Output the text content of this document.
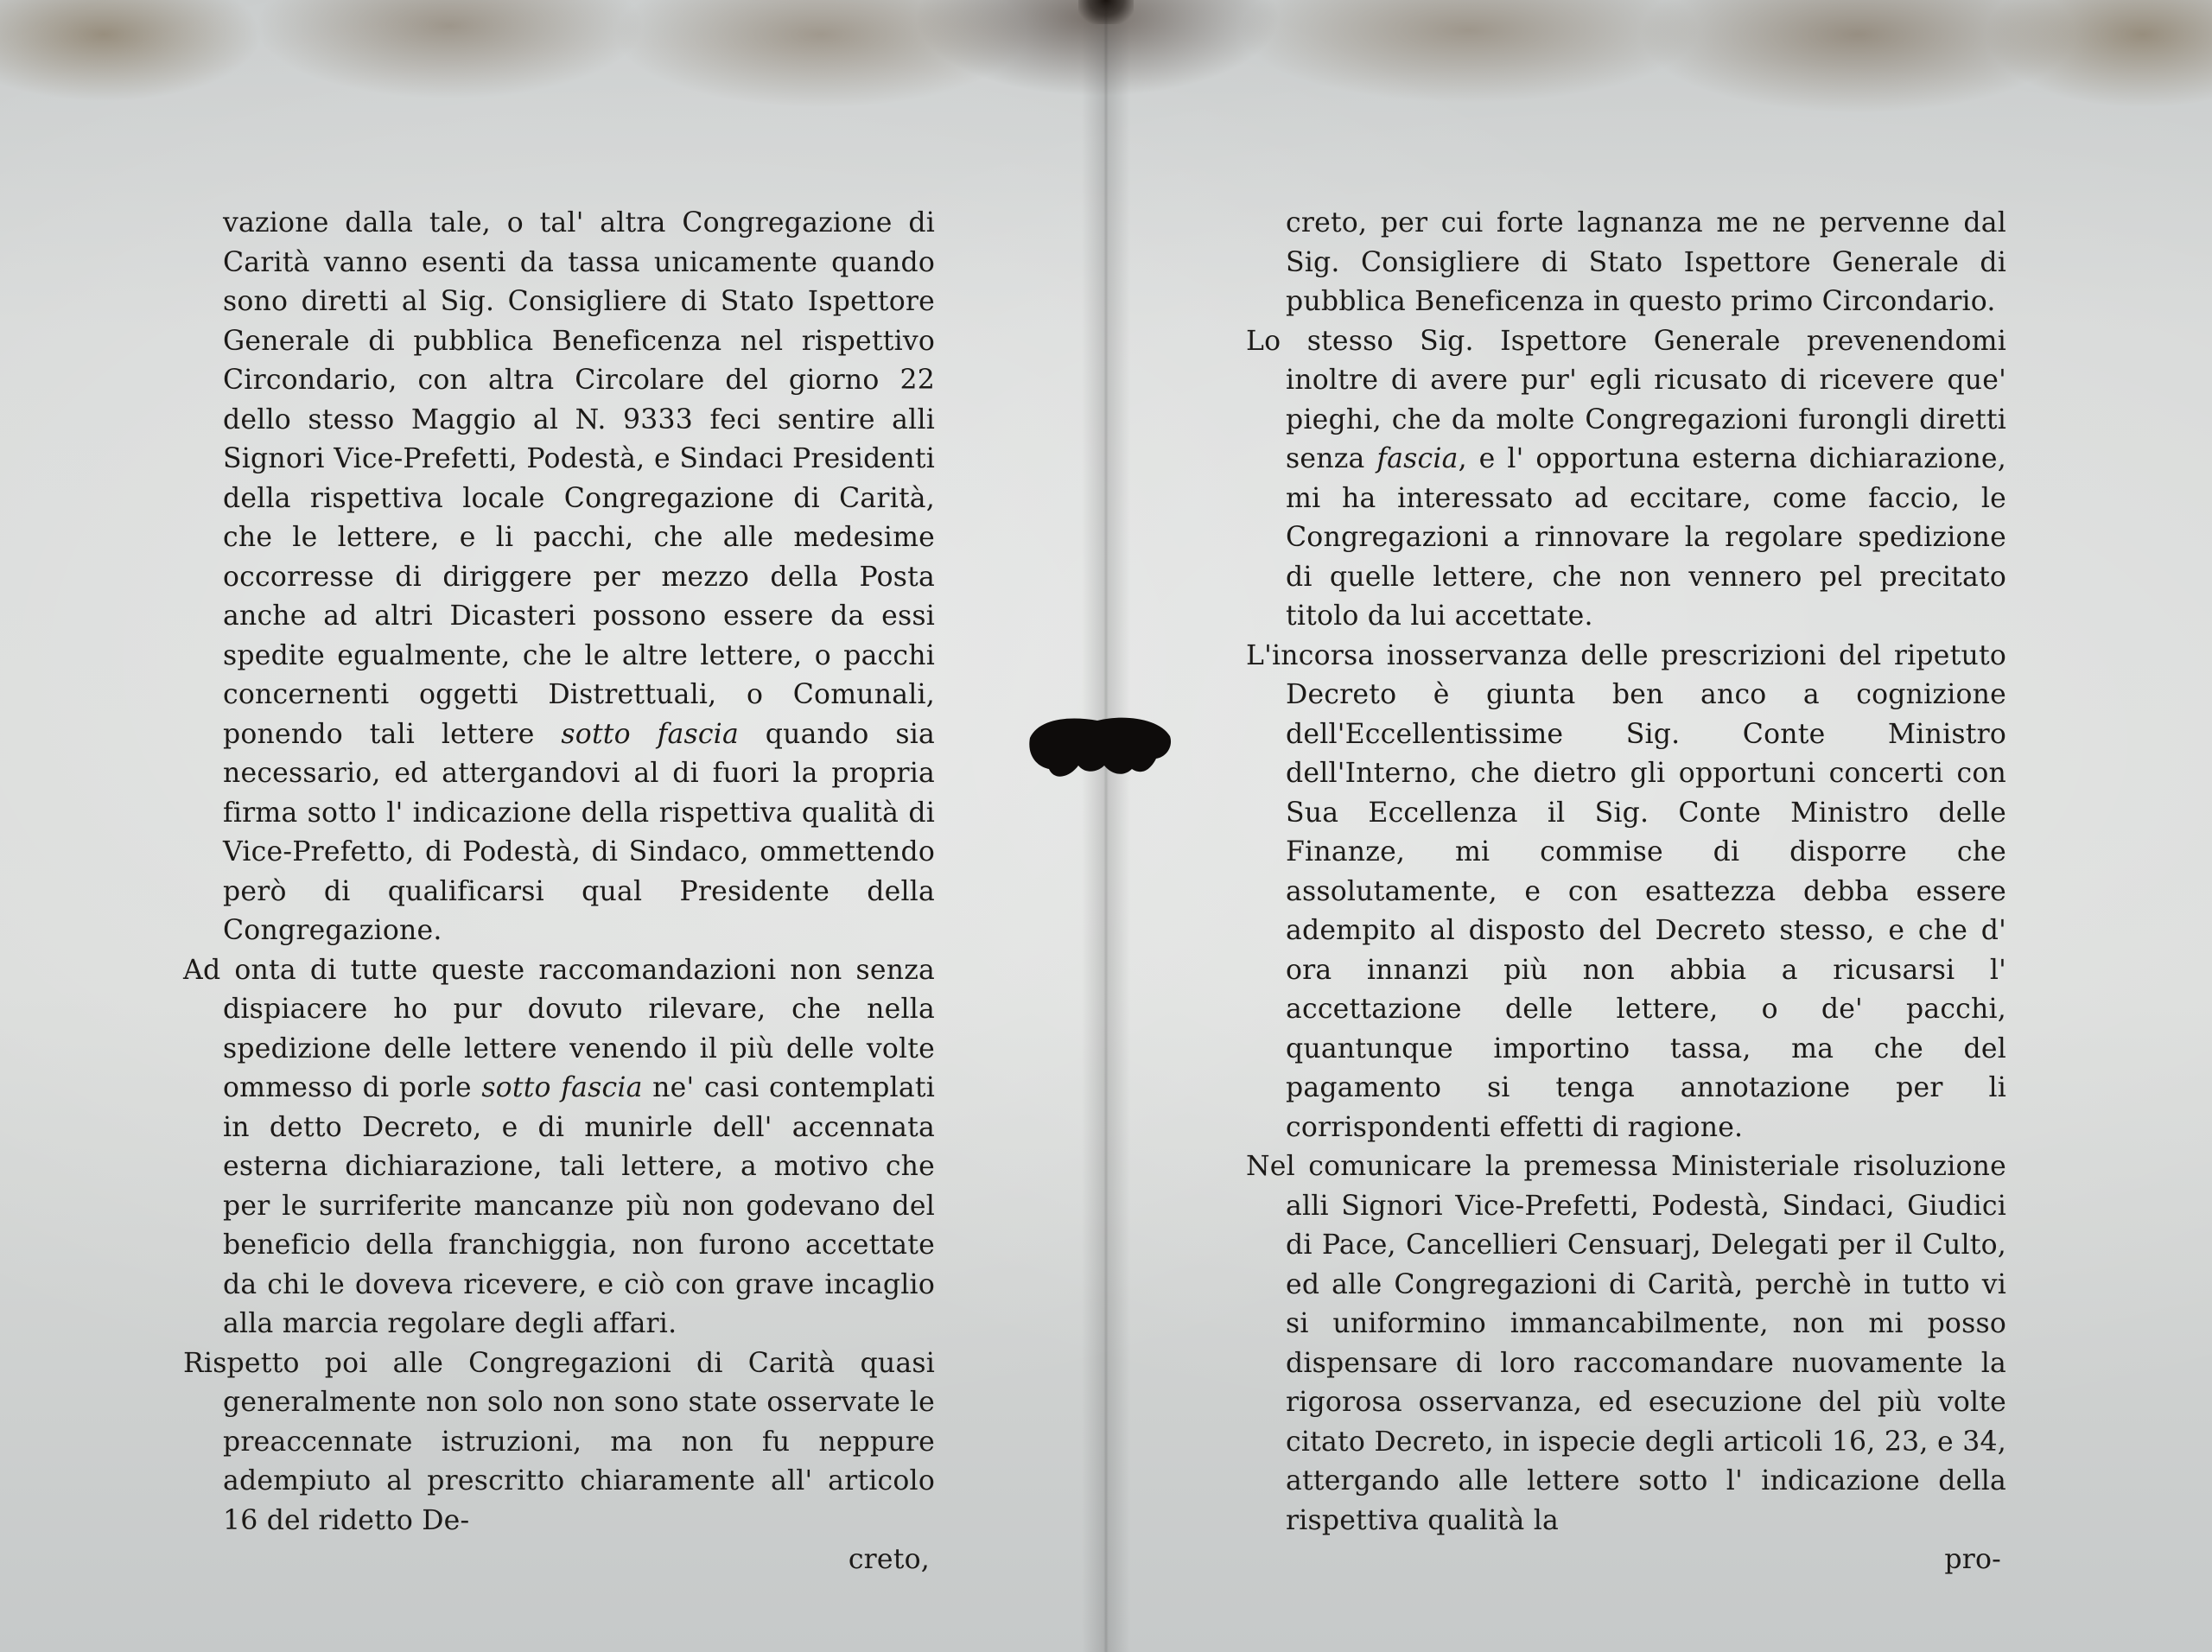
vazione dalla tale, o tal' altra Congregazione di Carità vanno esenti da tassa unicamente quando sono diretti al Sig. Consigliere di Stato Ispettore Generale di pubblica Beneficenza nel rispettivo Circondario, con altra Circolare del giorno 22 dello stesso Maggio al N. 9333 feci sentire alli Signori Vice-Prefetti, Podestà, e Sindaci Presidenti della rispettiva locale Congregazione di Carità, che le lettere, e li pacchi, che alle medesime occorresse di diriggere per mezzo della Posta anche ad altri Dicasteri possono essere da essi spedite egualmente, che le altre lettere, o pacchi concernenti oggetti Distrettuali, o Comunali, ponendo tali lettere sotto fascia quando sia necessario, ed attergandovi al di fuori la propria firma sotto l' indicazione della rispettiva qualità di Vice-Prefetto, di Podestà, di Sindaco, ommettendo però di qualificarsi qual Presidente della Congregazione.

Ad onta di tutte queste raccomandazioni non senza dispiacere ho pur dovuto rilevare, che nella spedizione delle lettere venendo il più delle volte ommesso di porle sotto fascia ne' casi contemplati in detto Decreto, e di munirle dell' accennata esterna dichiarazione, tali lettere, a motivo che per le surriferite mancanze più non godevano del beneficio della franchiggia, non furono accettate da chi le doveva ricevere, e ciò con grave incaglio alla marcia regolare degli affari.

Rispetto poi alle Congregazioni di Carità quasi generalmente non solo non sono state osservate le preaccennate istruzioni, ma non fu neppure adempiuto al prescritto chiaramente all' articolo 16 del ridetto De-

creto,

creto, per cui forte lagnanza me ne pervenne dal Sig. Consigliere di Stato Ispettore Generale di pubblica Beneficenza in questo primo Circondario.

Lo stesso Sig. Ispettore Generale prevenendomi inoltre di avere pur' egli ricusato di ricevere que' pieghi, che da molte Congregazioni furongli diretti senza fascia, e l' opportuna esterna dichiarazione, mi ha interessato ad eccitare, come faccio, le Congregazioni a rinnovare la regolare spedizione di quelle lettere, che non vennero pel precitato titolo da lui accettate.

L'incorsa inosservanza delle prescrizioni del ripetuto Decreto è giunta ben anco a cognizione dell'Eccellentissime Sig. Conte Ministro dell'Interno, che dietro gli opportuni concerti con Sua Eccellenza il Sig. Conte Ministro delle Finanze, mi commise di disporre che assolutamente, e con esattezza debba essere adempito al disposto del Decreto stesso, e che d' ora innanzi più non abbia a ricusarsi l' accettazione delle lettere, o de' pacchi, quantunque importino tassa, ma che del pagamento si tenga annotazione per li corrispondenti effetti di ragione.

Nel comunicare la premessa Ministeriale risoluzione alli Signori Vice-Prefetti, Podestà, Sindaci, Giudici di Pace, Cancellieri Censuarj, Delegati per il Culto, ed alle Congregazioni di Carità, perchè in tutto vi si uniformino immancabilmente, non mi posso dispensare di loro raccomandare nuovamente la rigorosa osservanza, ed esecuzione del più volte citato Decreto, in ispecie degli articoli 16, 23, e 34, attergando alle lettere sotto l' indicazione della rispettiva qualità la

pro-
